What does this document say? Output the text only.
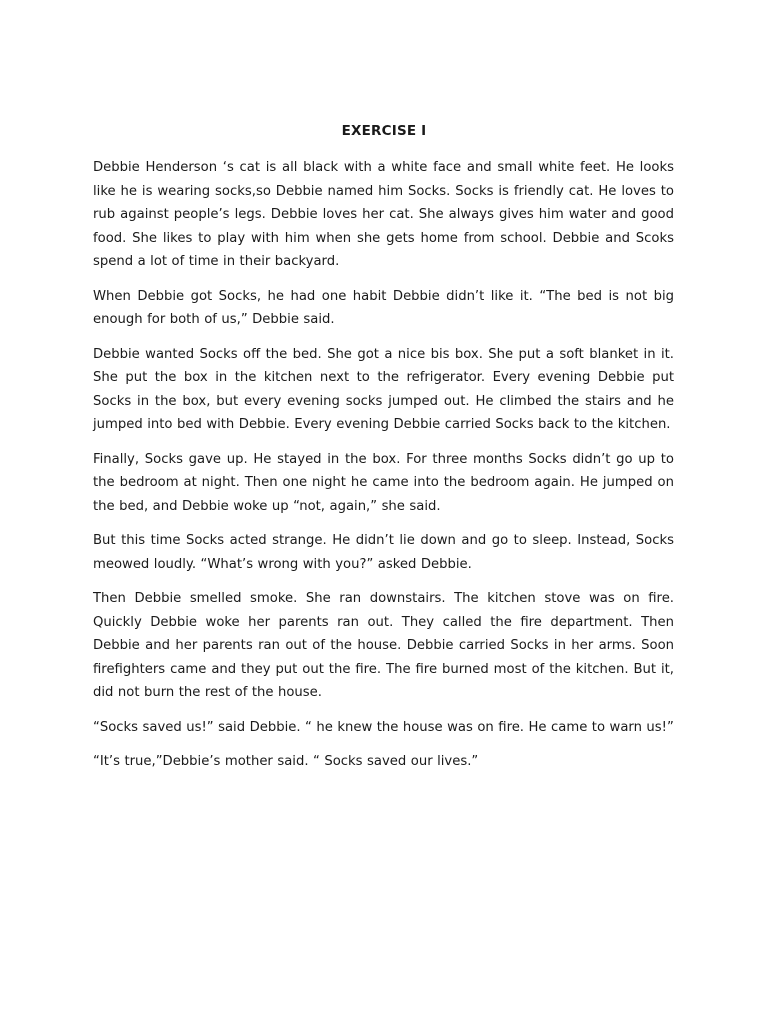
EXERCISE I

Debbie Henderson ‘s cat is all black with a white face and small white feet. He looks like he is wearing socks,so Debbie named him Socks. Socks is friendly cat. He loves to rub against people’s legs. Debbie loves her cat. She always gives him water and good food. She likes to play with him when she gets home from school. Debbie and Scoks spend a lot of time in their backyard.

When Debbie got Socks, he had one habit Debbie didn’t like it. “The bed is not big enough for both of us,” Debbie said.

Debbie wanted Socks off the bed. She got a nice bis box. She put a soft blanket in it. She put the box in the kitchen next to the refrigerator. Every evening Debbie put Socks in the box, but every evening socks jumped out. He climbed the stairs and he jumped into bed with Debbie. Every evening Debbie carried Socks back to the kitchen.

Finally, Socks gave up. He stayed in the box. For three months Socks didn’t go up to the bedroom at night. Then one night he came into the bedroom again. He jumped on the bed, and Debbie woke up “not, again,” she said.

But this time Socks acted strange. He didn’t lie down and go to sleep. Instead, Socks meowed loudly. “What’s wrong with you?” asked Debbie.

Then Debbie smelled smoke. She ran downstairs. The kitchen stove was on fire. Quickly Debbie woke her parents ran out. They called the fire department. Then Debbie and her parents ran out of the house. Debbie carried Socks in her arms. Soon firefighters came and they put out the fire. The fire burned most of the kitchen. But it, did not burn the rest of the house.

“Socks saved us!” said Debbie. “ he knew the house was on fire. He came to warn us!”

“It’s true,”Debbie’s mother said. “ Socks saved our lives.”
